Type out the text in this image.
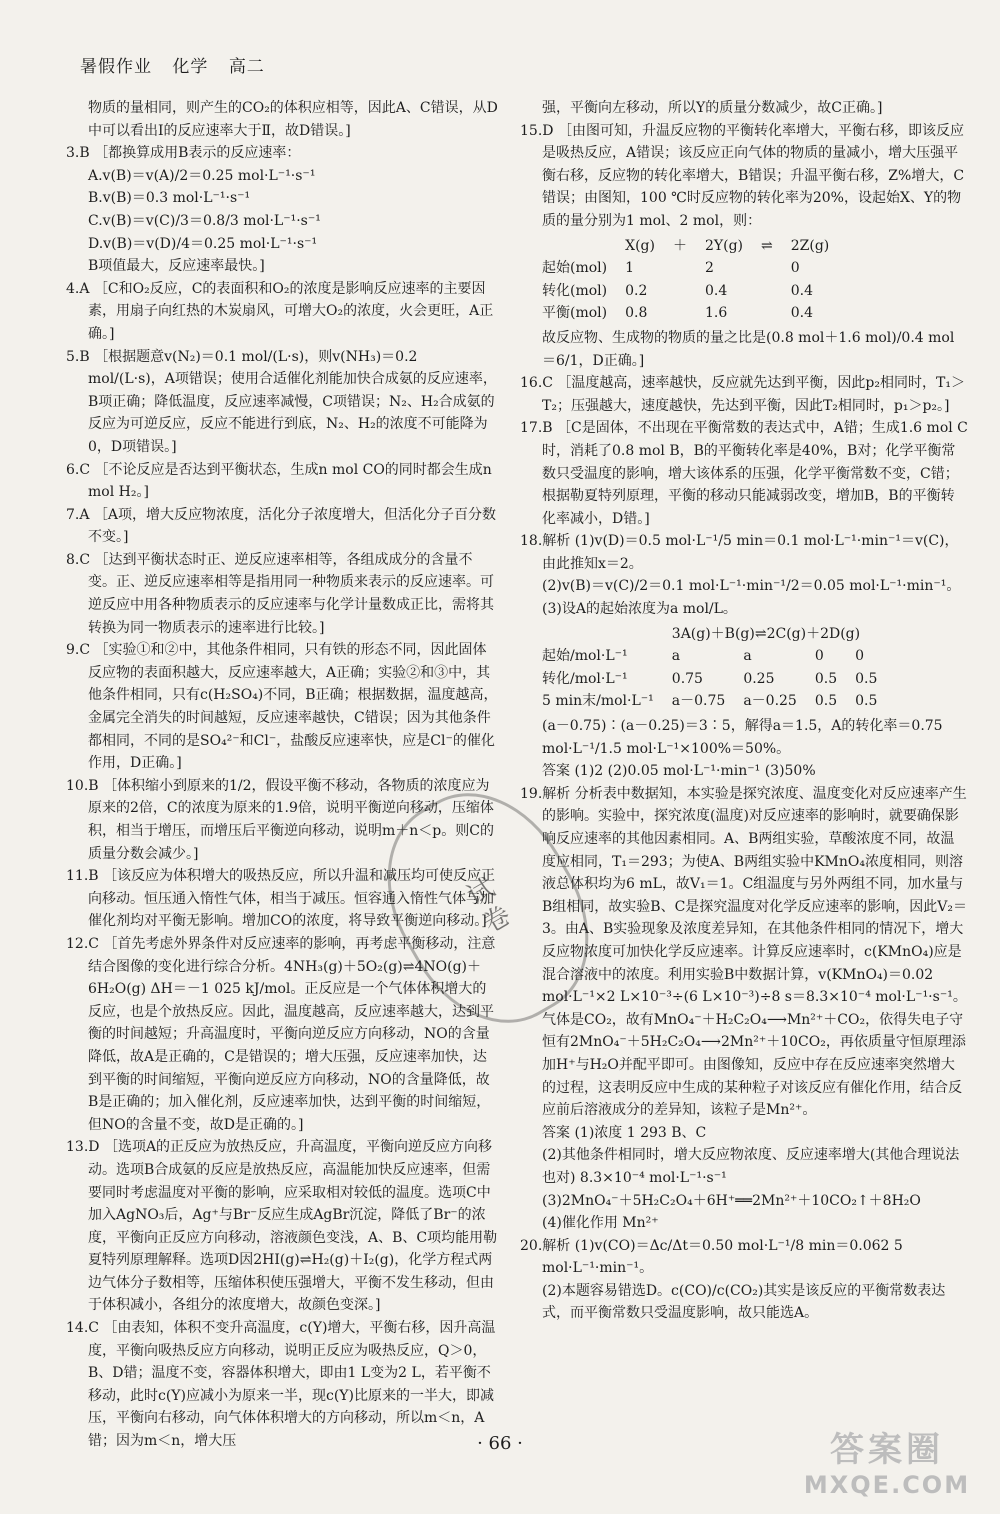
暑假作业 化学 高二

物质的量相同，则产生的CO₂的体积应相等，因此A、C错误，从D中可以看出Ⅰ的反应速率大于Ⅱ，故D错误。]

3.B ［都换算成用B表示的反应速率：

A.v(B)＝v(A)/2＝0.25 mol·L⁻¹·s⁻¹

B.v(B)＝0.3 mol·L⁻¹·s⁻¹

C.v(B)＝v(C)/3＝0.8/3 mol·L⁻¹·s⁻¹

D.v(B)＝v(D)/4＝0.25 mol·L⁻¹·s⁻¹

B项值最大，反应速率最快。]

4.A ［C和O₂反应，C的表面积和O₂的浓度是影响反应速率的主要因素，用扇子向红热的木炭扇风，可增大O₂的浓度，火会更旺，A正确。]

5.B ［根据题意v(N₂)＝0.1 mol/(L·s)，则v(NH₃)＝0.2 mol/(L·s)，A项错误；使用合适催化剂能加快合成氨的反应速率，B项正确；降低温度，反应速率减慢，C项错误；N₂、H₂合成氨的反应为可逆反应，反应不能进行到底，N₂、H₂的浓度不可能降为0，D项错误。]

6.C ［不论反应是否达到平衡状态，生成n mol CO的同时都会生成n mol H₂。]

7.A ［A项，增大反应物浓度，活化分子浓度增大，但活化分子百分数不变。]

8.C ［达到平衡状态时正、逆反应速率相等，各组成成分的含量不变。正、逆反应速率相等是指用同一种物质来表示的反应速率。可逆反应中用各种物质表示的反应速率与化学计量数成正比，需将其转换为同一物质表示的速率进行比较。]

9.C ［实验①和②中，其他条件相同，只有铁的形态不同，因此固体反应物的表面积越大，反应速率越大，A正确；实验②和③中，其他条件相同，只有c(H₂SO₄)不同，B正确；根据数据，温度越高，金属完全消失的时间越短，反应速率越快，C错误；因为其他条件都相同，不同的是SO₄²⁻和Cl⁻，盐酸反应速率快，应是Cl⁻的催化作用，D正确。]

10.B ［体积缩小到原来的1/2，假设平衡不移动，各物质的浓度应为原来的2倍，C的浓度为原来的1.9倍，说明平衡逆向移动，压缩体积，相当于增压，而增压后平衡逆向移动，说明m＋n＜p。则C的质量分数会减少。]

11.B ［该反应为体积增大的吸热反应，所以升温和减压均可使反应正向移动。恒压通入惰性气体，相当于减压。恒容通入惰性气体与加催化剂均对平衡无影响。增加CO的浓度，将导致平衡逆向移动。]

12.C ［首先考虑外界条件对反应速率的影响，再考虑平衡移动，注意结合图像的变化进行综合分析。4NH₃(g)＋5O₂(g)⇌4NO(g)＋6H₂O(g) ΔH＝－1 025 kJ/mol。正反应是一个气体体积增大的反应，也是个放热反应。因此，温度越高，反应速率越大，达到平衡的时间越短；升高温度时，平衡向逆反应方向移动，NO的含量降低，故A是正确的，C是错误的；增大压强，反应速率加快，达到平衡的时间缩短，平衡向逆反应方向移动，NO的含量降低，故B是正确的；加入催化剂，反应速率加快，达到平衡的时间缩短，但NO的含量不变，故D是正确的。]

13.D ［选项A的正反应为放热反应，升高温度，平衡向逆反应方向移动。选项B合成氨的反应是放热反应，高温能加快反应速率，但需要同时考虑温度对平衡的影响，应采取相对较低的温度。选项C中加入AgNO₃后，Ag⁺与Br⁻反应生成AgBr沉淀，降低了Br⁻的浓度，平衡向正反应方向移动，溶液颜色变浅，A、B、C项均能用勒夏特列原理解释。选项D因2HI(g)⇌H₂(g)＋I₂(g)，化学方程式两边气体分子数相等，压缩体积使压强增大，平衡不发生移动，但由于体积减小，各组分的浓度增大，故颜色变深。]

14.C ［由表知，体积不变升高温度，c(Y)增大，平衡右移，因升高温度，平衡向吸热反应方向移动，说明正反应为吸热反应，Q＞0，B、D错；温度不变，容器体积增大，即由1 L变为2 L，若平衡不移动，此时c(Y)应减小为原来一半，现c(Y)比原来的一半大，即减压，平衡向右移动，向气体体积增大的方向移动，所以m＜n，A错；因为m＜n，增大压

强，平衡向左移动，所以Y的质量分数减少，故C正确。]

15.D ［由图可知，升温反应物的平衡转化率增大，平衡右移，即该反应是吸热反应，A错误；该反应正向气体的物质的量减小，增大压强平衡右移，反应物的转化率增大，B错误；升温平衡右移，Z%增大，C错误；由图知，100 ℃时反应物的转化率为20%，设起始X、Y的物质的量分别为1 mol、2 mol，则：

	X(g)	＋	2Y(g)	⇌	2Z(g)
起始(mol)	1		2		0
转化(mol)	0.2		0.4		0.4
平衡(mol)	0.8		1.6		0.4

故反应物、生成物的物质的量之比是(0.8 mol＋1.6 mol)/0.4 mol＝6/1，D正确。]

16.C ［温度越高，速率越快，反应就先达到平衡，因此p₂相同时，T₁＞T₂；压强越大，速度越快，先达到平衡，因此T₂相同时，p₁＞p₂。]

17.B ［C是固体，不出现在平衡常数的表达式中，A错；生成1.6 mol C时，消耗了0.8 mol B，B的平衡转化率是40%，B对；化学平衡常数只受温度的影响，增大该体系的压强，化学平衡常数不变，C错；根据勒夏特列原理，平衡的移动只能减弱改变，增加B，B的平衡转化率减小，D错。]

18.解析 (1)v(D)＝0.5 mol·L⁻¹/5 min＝0.1 mol·L⁻¹·min⁻¹＝v(C)，由此推知x＝2。

(2)v(B)＝v(C)/2＝0.1 mol·L⁻¹·min⁻¹/2＝0.05 mol·L⁻¹·min⁻¹。

(3)设A的起始浓度为a mol/L。

	3A(g)＋B(g)⇌2C(g)＋2D(g)			
起始/mol·L⁻¹	a	a	0	0
转化/mol·L⁻¹	0.75	0.25	0.5	0.5
5 min末/mol·L⁻¹	a－0.75	a－0.25	0.5	0.5

(a－0.75)∶(a－0.25)＝3∶5，解得a＝1.5，A的转化率＝0.75 mol·L⁻¹/1.5 mol·L⁻¹×100%＝50%。

答案 (1)2 (2)0.05 mol·L⁻¹·min⁻¹ (3)50%

19.解析 分析表中数据知，本实验是探究浓度、温度变化对反应速率产生的影响。实验中，探究浓度(温度)对反应速率的影响时，就要确保影响反应速率的其他因素相同。A、B两组实验，草酸浓度不同，故温度应相同，T₁＝293；为使A、B两组实验中KMnO₄浓度相同，则溶液总体积均为6 mL，故V₁＝1。C组温度与另外两组不同，加水量与B组相同，故实验B、C是探究温度对化学反应速率的影响，因此V₂＝3。由A、B实验现象及浓度差异知，在其他条件相同的情况下，增大反应物浓度可加快化学反应速率。计算反应速率时，c(KMnO₄)应是混合溶液中的浓度。利用实验B中数据计算，v(KMnO₄)＝0.02 mol·L⁻¹×2 L×10⁻³÷(6 L×10⁻³)÷8 s＝8.3×10⁻⁴ mol·L⁻¹·s⁻¹。气体是CO₂，故有MnO₄⁻＋H₂C₂O₄⟶Mn²⁺＋CO₂，依得失电子守恒有2MnO₄⁻＋5H₂C₂O₄⟶2Mn²⁺＋10CO₂，再依质量守恒原理添加H⁺与H₂O并配平即可。由图像知，反应中存在反应速率突然增大的过程，这表明反应中生成的某种粒子对该反应有催化作用，结合反应前后溶液成分的差异知，该粒子是Mn²⁺。

答案 (1)浓度 1 293 B、C

(2)其他条件相同时，增大反应物浓度、反应速率增大(其他合理说法也对) 8.3×10⁻⁴ mol·L⁻¹·s⁻¹

(3)2MnO₄⁻＋5H₂C₂O₄＋6H⁺══2Mn²⁺＋10CO₂↑＋8H₂O

(4)催化作用 Mn²⁺

20.解析 (1)v(CO)＝Δc/Δt＝0.50 mol·L⁻¹/8 min＝0.062 5 mol·L⁻¹·min⁻¹。

(2)本题容易错选D。c(CO)/c(CO₂)其实是该反应的平衡常数表达式，而平衡常数只受温度影响，故只能选A。

试卷
· 66 ·	答案圈
MXQE.COM
